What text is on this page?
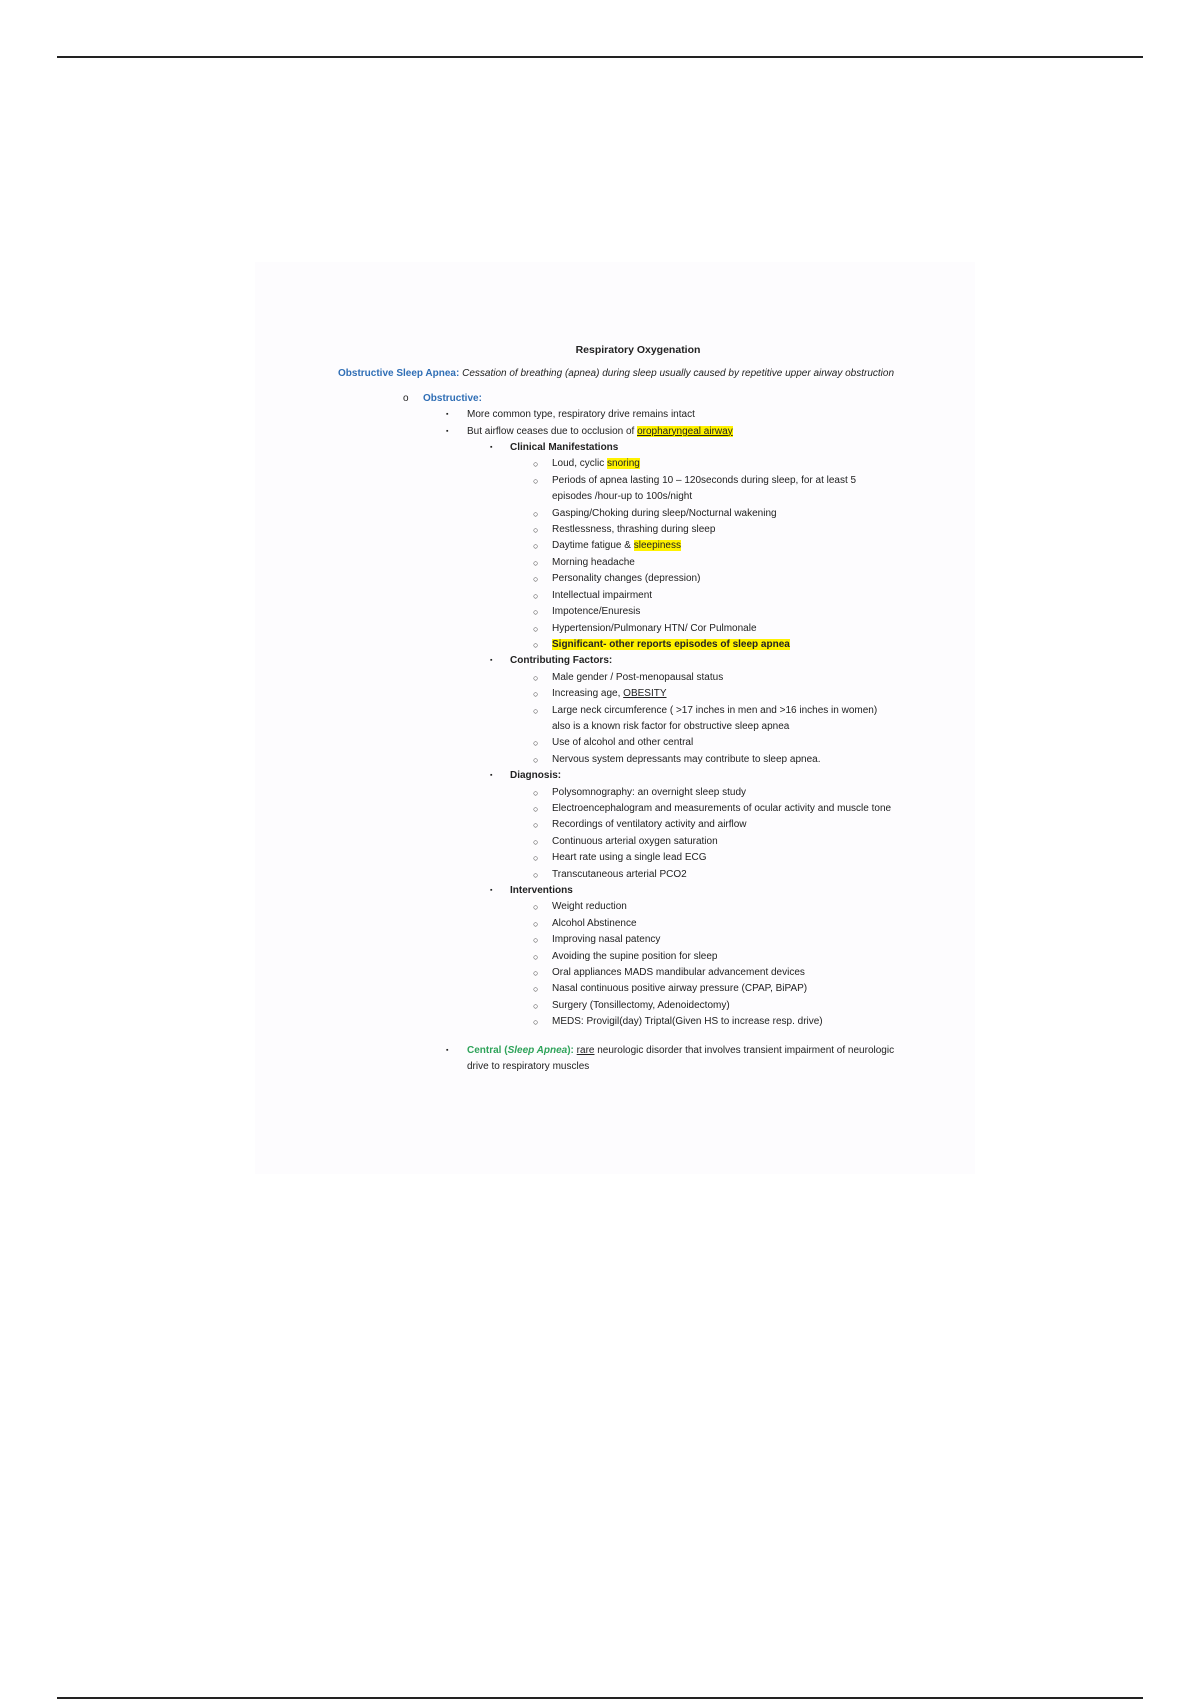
Respiratory Oxygenation
Obstructive Sleep Apnea: Cessation of breathing (apnea) during sleep usually caused by repetitive upper airway obstruction
o	Obstructive:
▪	More common type, respiratory drive remains intact
▪	But airflow ceases due to occlusion of oropharyngeal airway
▪	Clinical Manifestations
○	Loud, cyclic snoring
○	Periods of apnea lasting 10 – 120seconds during sleep, for at least 5 episodes /hour-up to 100s/night
○	Gasping/Choking during sleep/Nocturnal wakening
○	Restlessness, thrashing during sleep
○	Daytime fatigue & sleepiness
○	Morning headache
○	Personality changes (depression)
○	Intellectual impairment
○	Impotence/Enuresis
○	Hypertension/Pulmonary HTN/ Cor Pulmonale
○	Significant- other reports episodes of sleep apnea
▪	Contributing Factors:
○	Male gender / Post-menopausal status
○	Increasing age, OBESITY
○	Large neck circumference ( >17 inches in men and >16 inches in women) also is a known risk factor for obstructive sleep apnea
○	Use of alcohol and other central
○	Nervous system depressants may contribute to sleep apnea.
▪	Diagnosis:
○	Polysomnography: an overnight sleep study
○	Electroencephalogram and measurements of ocular activity and muscle tone
○	Recordings of ventilatory activity and airflow
○	Continuous arterial oxygen saturation
○	Heart rate using a single lead ECG
○	Transcutaneous arterial PCO2
▪	Interventions
○	Weight reduction
○	Alcohol Abstinence
○	Improving nasal patency
○	Avoiding the supine position for sleep
○	Oral appliances MADS mandibular advancement devices
○	Nasal continuous positive airway pressure (CPAP, BiPAP)
○	Surgery (Tonsillectomy, Adenoidectomy)
○	MEDS: Provigil(day) Triptal(Given HS to increase resp. drive)
▪	Central (Sleep Apnea): rare neurologic disorder that involves transient impairment of neurologic drive to respiratory muscles
